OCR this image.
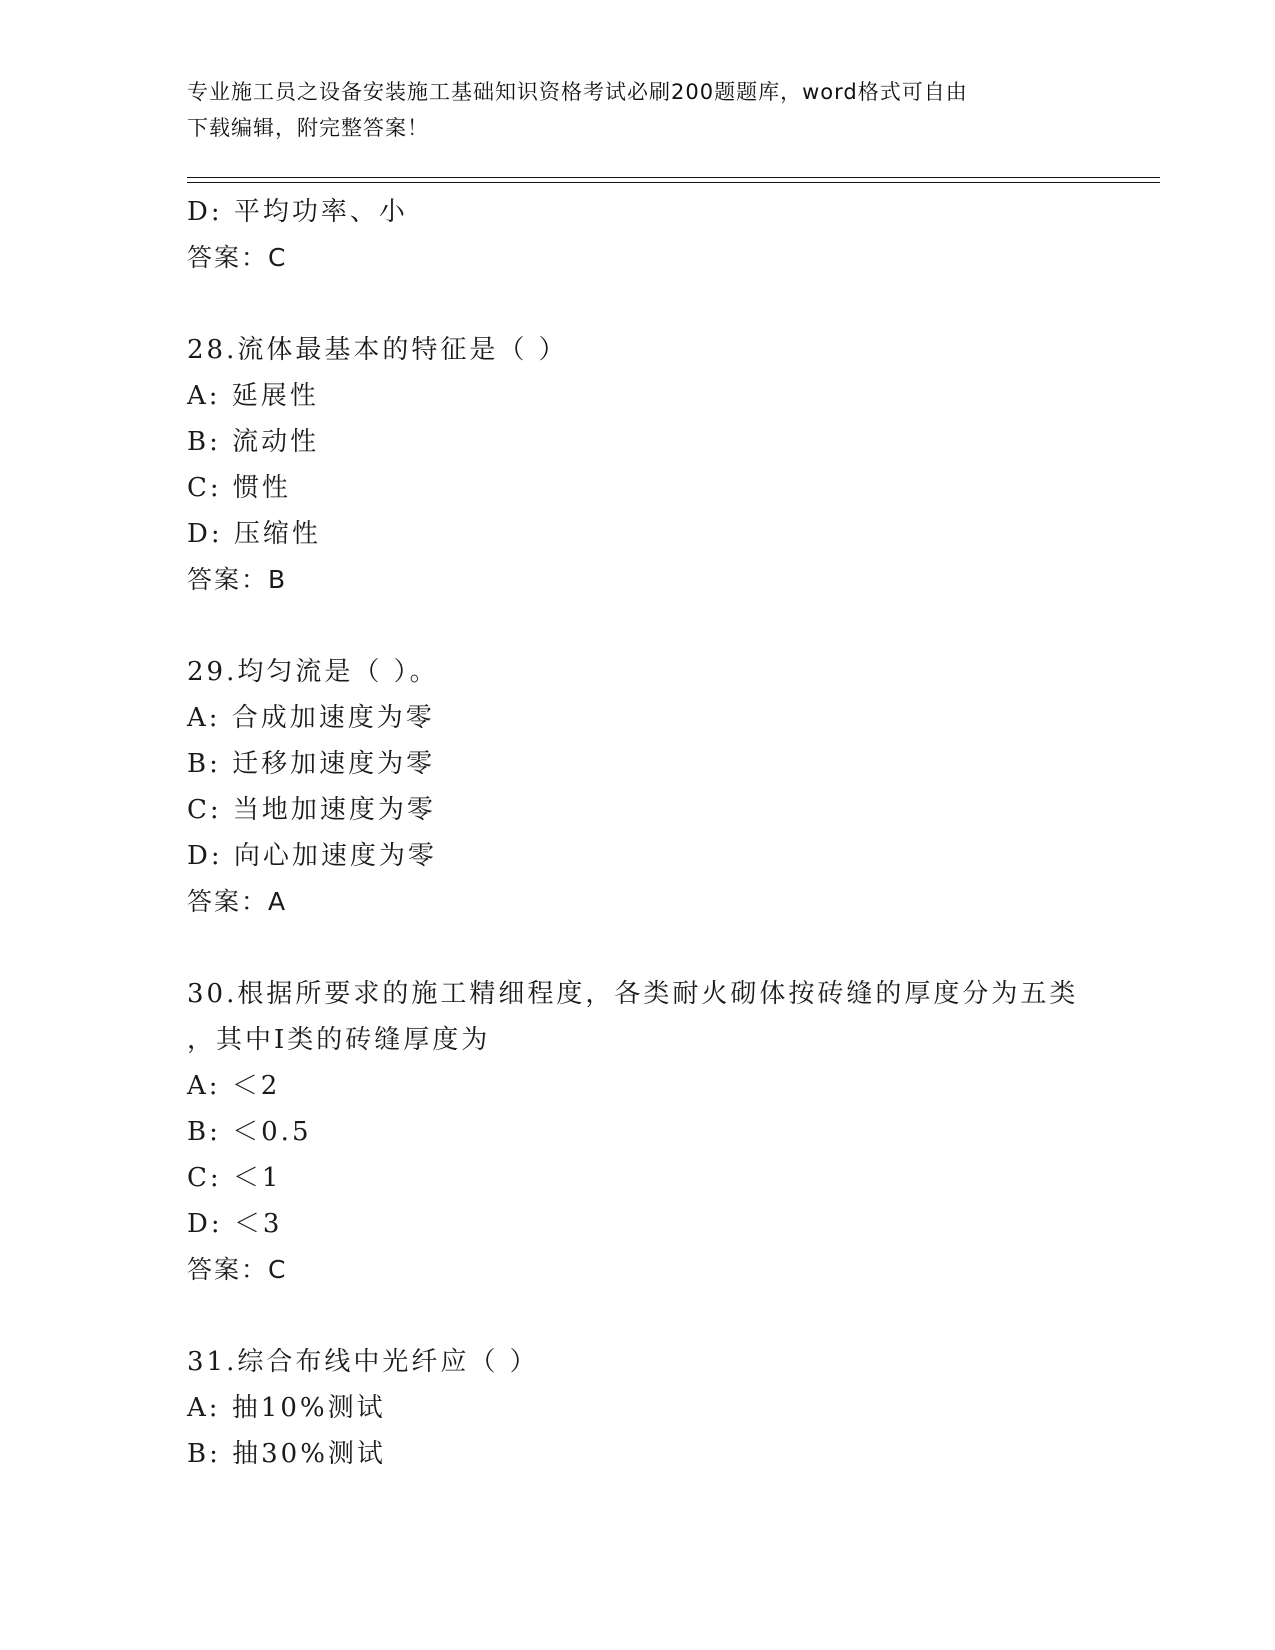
专业施工员之设备安装施工基础知识资格考试必刷200题题库，word格式可自由
下载编辑，附完整答案！
D: 平均功率、小
答案：C
28.流体最基本的特征是（ ）
A: 延展性
B: 流动性
C: 惯性
D: 压缩性
答案：B
29.均匀流是（ ）。
A: 合成加速度为零
B: 迁移加速度为零
C: 当地加速度为零
D: 向心加速度为零
答案：A
30.根据所要求的施工精细程度，各类耐火砌体按砖缝的厚度分为五类
，其中I类的砖缝厚度为
A: ＜2
B: ＜0.5
C: ＜1
D: ＜3
答案：C
31.综合布线中光纤应（ ）
A: 抽10%测试
B: 抽30%测试
